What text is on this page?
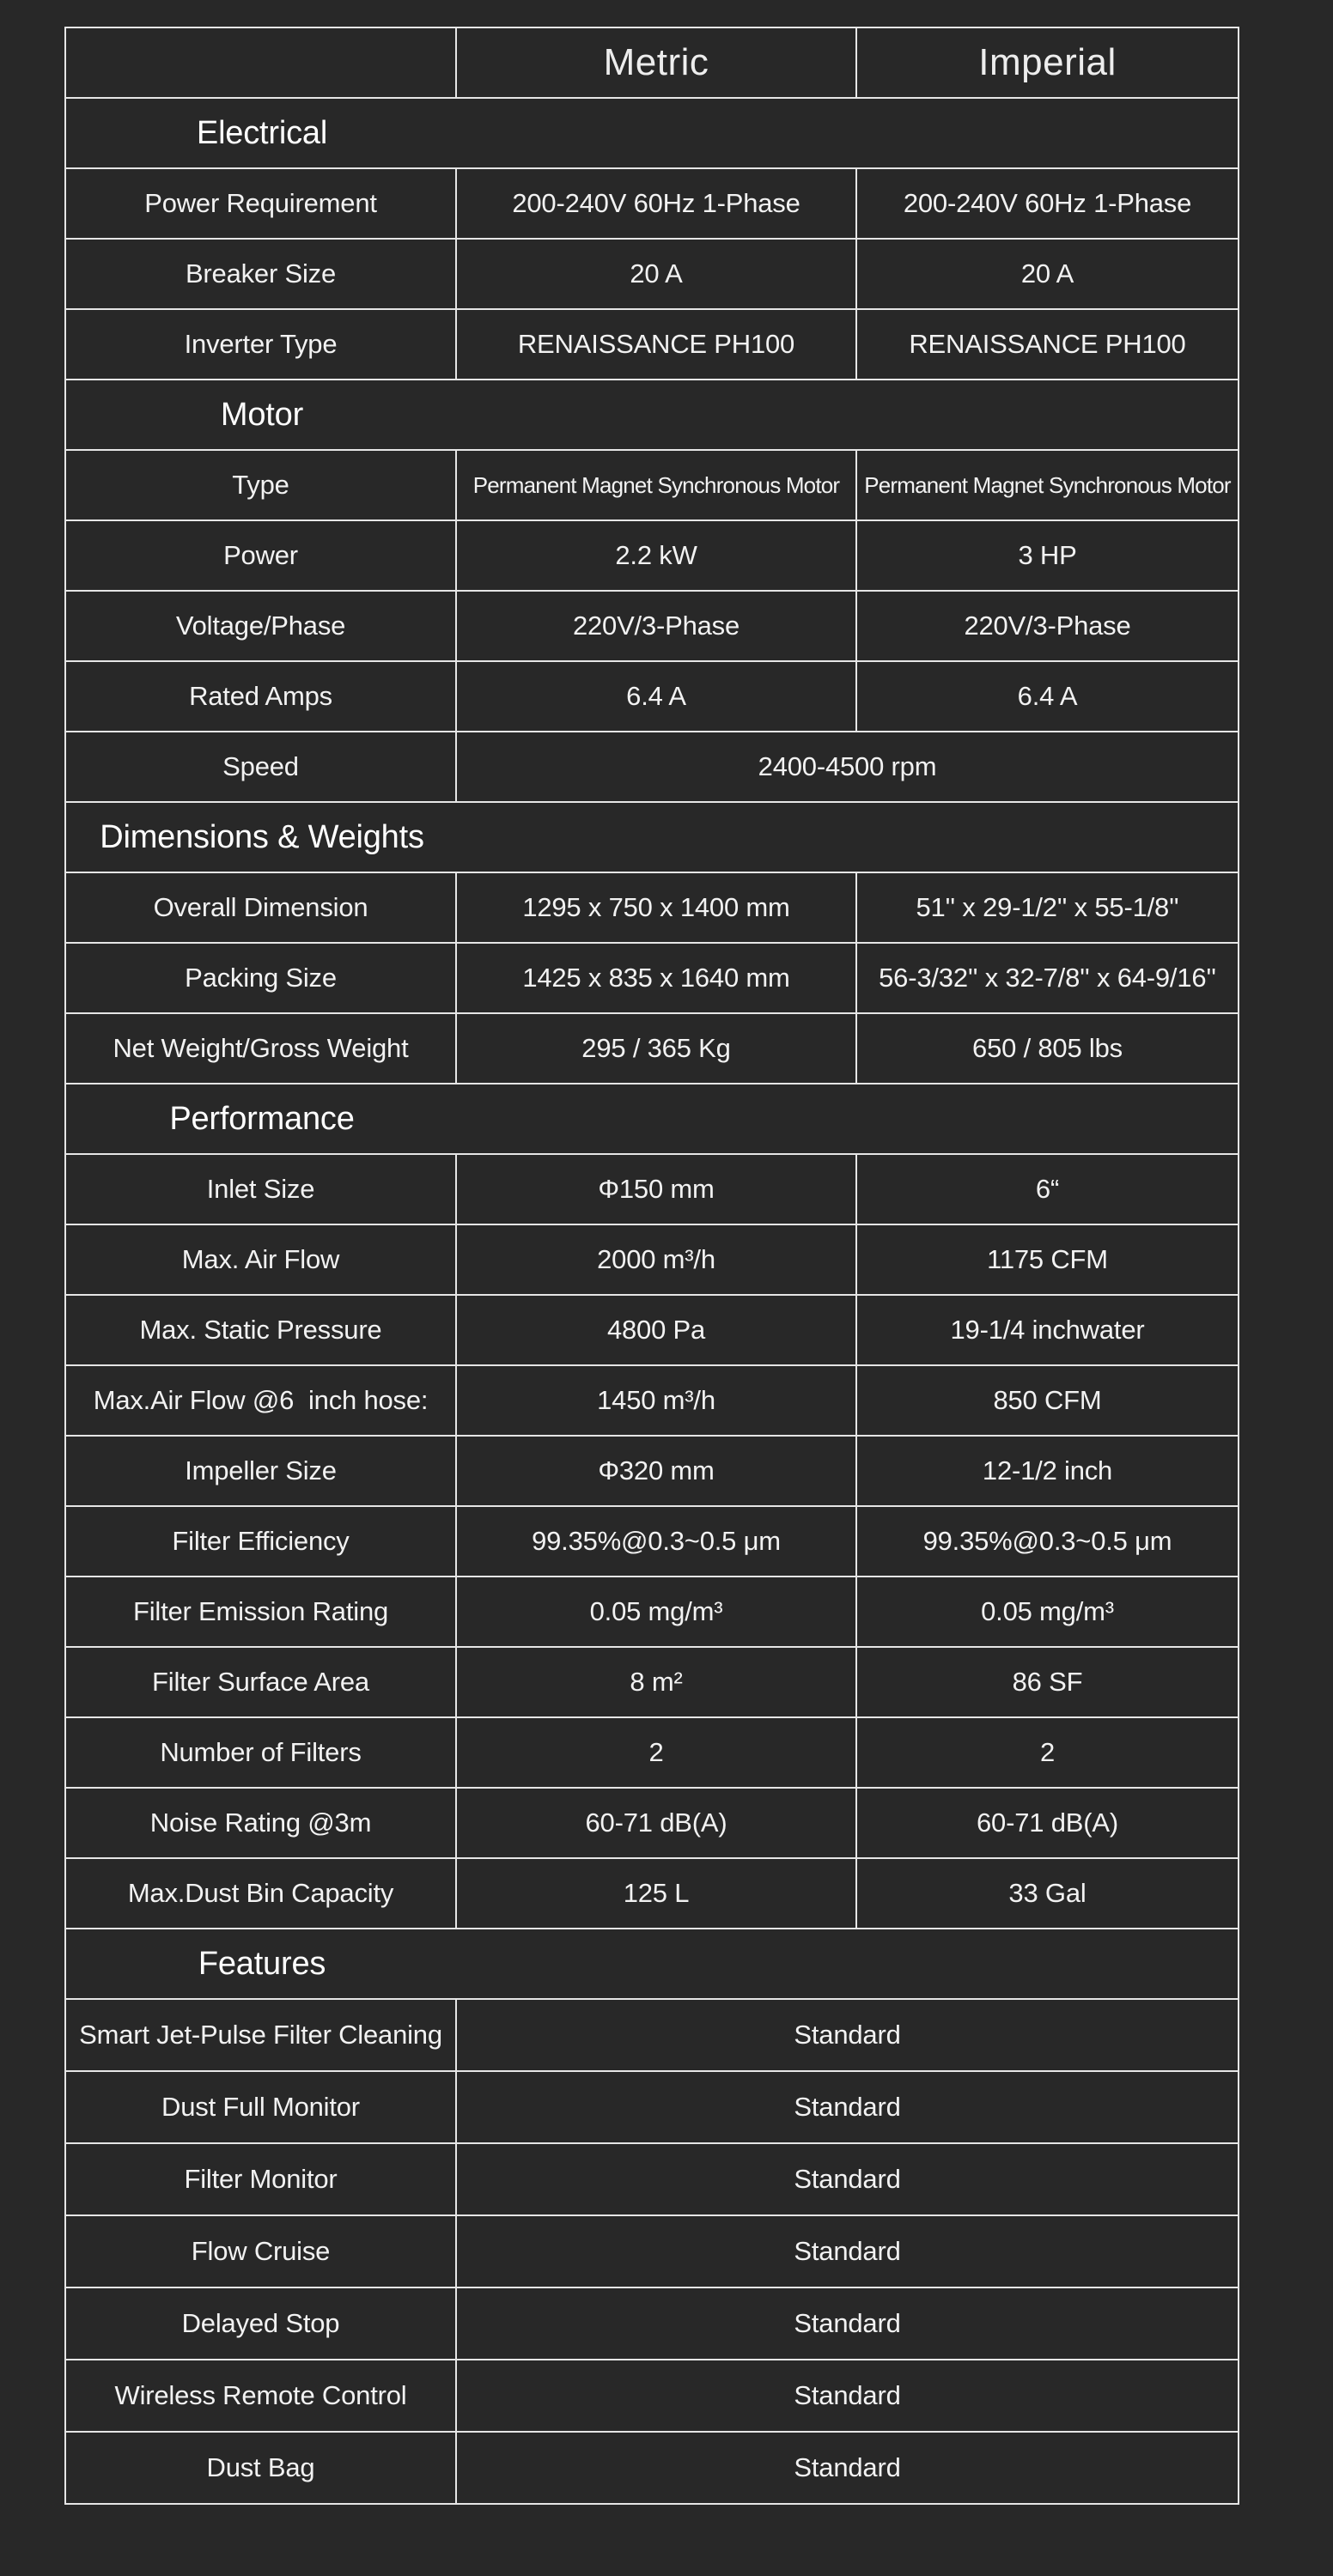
	Metric	Imperial
Electrical		
Power Requirement	200-240V 60Hz 1-Phase	200-240V 60Hz 1-Phase
Breaker Size	20 A	20 A
Inverter Type	RENAISSANCE PH100	RENAISSANCE PH100
Motor		
Type	Permanent Magnet Synchronous Motor	Permanent Magnet Synchronous Motor
Power	2.2 kW	3 HP
Voltage/Phase	220V/3-Phase	220V/3-Phase
Rated Amps	6.4 A	6.4 A
Speed	2400-4500 rpm	
Dimensions & Weights		
Overall Dimension	1295 x 750 x 1400 mm	51'' x 29-1/2'' x 55-1/8''
Packing Size	1425 x 835 x 1640 mm	56-3/32'' x 32-7/8'' x 64-9/16''
Net Weight/Gross Weight	295 / 365 Kg	650 / 805 lbs
Performance		
Inlet Size	Φ150 mm	6“
Max. Air Flow	2000 m³/h	1175 CFM
Max. Static Pressure	4800 Pa	19-1/4 inchwater
Max.Air Flow @6  inch hose:	1450 m³/h	850 CFM
Impeller Size	Φ320 mm	12-1/2 inch
Filter Efficiency	99.35%@0.3~0.5 μm	99.35%@0.3~0.5 μm
Filter Emission Rating	0.05 mg/m³	0.05 mg/m³
Filter Surface Area	8 m²	86 SF
Number of Filters	2	2
Noise Rating @3m	60-71 dB(A)	60-71 dB(A)
Max.Dust Bin Capacity	125 L	33 Gal
Features		
Smart Jet-Pulse Filter Cleaning	Standard	
Dust Full Monitor	Standard	
Filter Monitor	Standard	
Flow Cruise	Standard	
Delayed Stop	Standard	
Wireless Remote Control	Standard	
Dust Bag	Standard	
